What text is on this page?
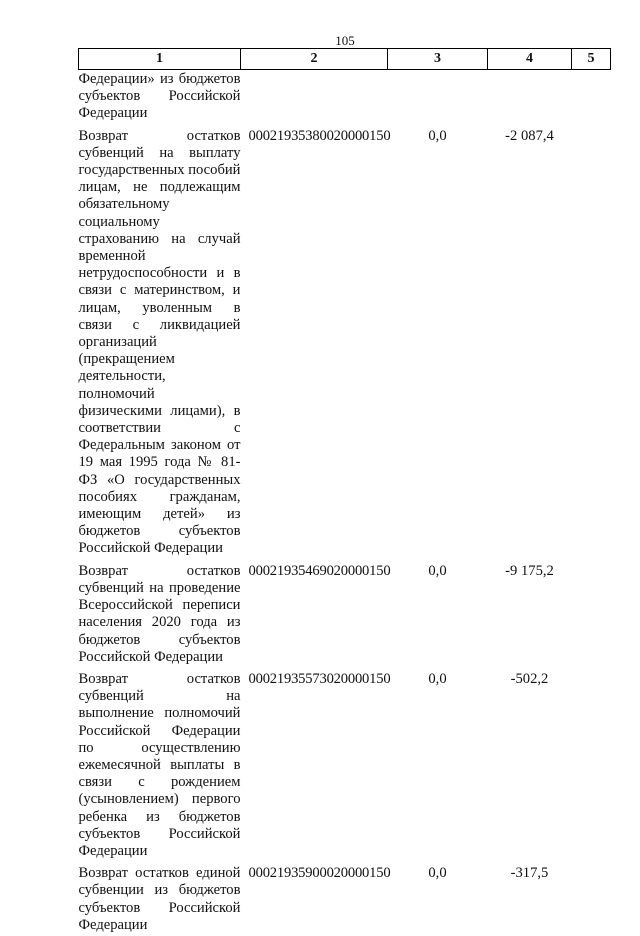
105
1	2	3	4	5
Федерации» из бюджетов субъектов Российской Федерации				
Возврат остатков субвенций на выплату государственных пособий лицам, не подлежащим обязательному социальному страхованию на случай временной нетрудоспособности и в связи с материнством, и лицам, уволенным в связи с ликвидацией организаций (прекращением деятельности, полномочий физическими лицами), в соответствии с Федеральным законом от 19 мая 1995 года № 81-ФЗ «О государственных пособиях гражданам, имеющим детей» из бюджетов субъектов Российской Федерации	00021935380020000150	0,0	-2 087,4	
Возврат остатков субвенций на проведение Всероссийской переписи населения 2020 года из бюджетов субъектов Российской Федерации	00021935469020000150	0,0	-9 175,2	
Возврат остатков субвенций на выполнение полномочий Российской Федерации по осуществлению ежемесячной выплаты в связи с рождением (усыновлением) первого ребенка из бюджетов субъектов Российской Федерации	00021935573020000150	0,0	-502,2	
Возврат остатков единой субвенции из бюджетов субъектов Российской Федерации	00021935900020000150	0,0	-317,5	
